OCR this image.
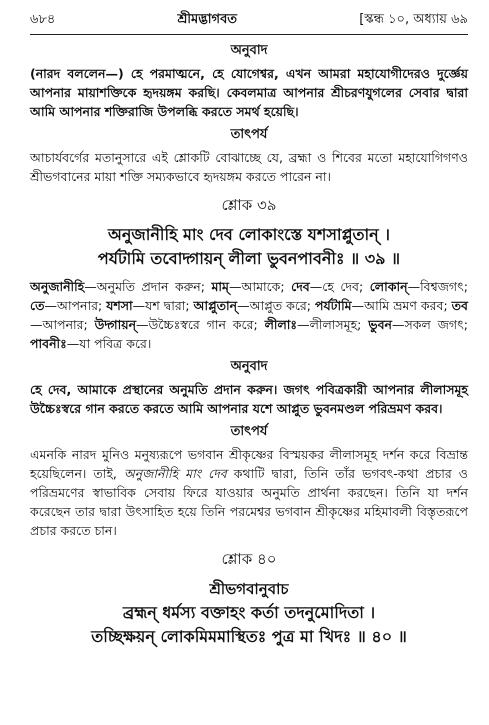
৬৮৪	শ্রীমদ্ভাগবত	[স্কন্ধ ১০, অধ্যায় ৬৯
অনুবাদ
(নারদ বললেন—) হে পরমাত্মনে, হে যোগেশ্বর, এখন আমরা মহাযোগীদেরও দুর্জ্ঞেয় আপনার মায়াশক্তিকে হৃদয়ঙ্গম করছি। কেবলমাত্র আপনার শ্রীচরণযুগলের সেবার দ্বারা আমি আপনার শক্তিরাজি উপলব্ধি করতে সমর্থ হয়েছি।
তাৎপর্য
আচার্যবর্গের মতানুসারে এই শ্লোকটি বোঝাচ্ছে যে, ব্রহ্মা ও শিবের মতো মহাযোগিগণও শ্রীভগবানের মায়া শক্তি সম্যকভাবে হৃদয়ঙ্গম করতে পারেন না।
শ্লোক ৩৯
অনুজানীহি মাং দেব লোকাংস্তে যশসাপ্লুতান্ ।
পর্যটামি তবোদ্গায়ন্ লীলা ভুবনপাবনীঃ ॥ ৩৯ ॥
অনুজানীহি—অনুমতি প্রদান করুন; মাম্—আমাকে; দেব—হে দেব; লোকান্—বিশ্বজগৎ; তে—আপনার; যশসা—যশ দ্বারা; আপ্লুতান্—আপ্লুত করে; পর্যটামি—আমি ভ্রমণ করব; তব—আপনার; উদ্গায়ন্—উচ্চৈঃস্বরে গান করে; লীলাঃ—লীলাসমূহ; ভুবন—সকল জগৎ; পাবনীঃ—যা পবিত্র করে।
অনুবাদ
হে দেব, আমাকে প্রস্থানের অনুমতি প্রদান করুন। জগৎ পবিত্রকারী আপনার লীলাসমূহ উচ্চৈঃস্বরে গান করতে করতে আমি আপনার যশে আপ্লুত ভুবনমণ্ডল পরিভ্রমণ করব।
তাৎপর্য
এমনকি নারদ মুনিও মনুষ্যরূপে ভগবান শ্রীকৃষ্ণের বিস্ময়কর লীলাসমূহ দর্শন করে বিভ্রান্ত হয়েছিলেন। তাই, অনুজানীহি মাং দেব কথাটি দ্বারা, তিনি তাঁর ভগবৎ-কথা প্রচার ও পরিভ্রমণের স্বাভাবিক সেবায় ফিরে যাওয়ার অনুমতি প্রার্থনা করছেন। তিনি যা দর্শন করেছেন তার দ্বারা উৎসাহিত হয়ে তিনি পরমেশ্বর ভগবান শ্রীকৃষ্ণের মহিমাবলী বিস্তৃতরূপে প্রচার করতে চান।
শ্লোক ৪০
শ্রীভগবানুবাচ
ব্রহ্মন্ ধর্মস্য বক্তাহং কর্তা তদনুমোদিতা ।
তচ্ছিক্ষয়ন্ লোকমিমমাস্থিতঃ পুত্র মা খিদঃ ॥ ৪০ ॥
